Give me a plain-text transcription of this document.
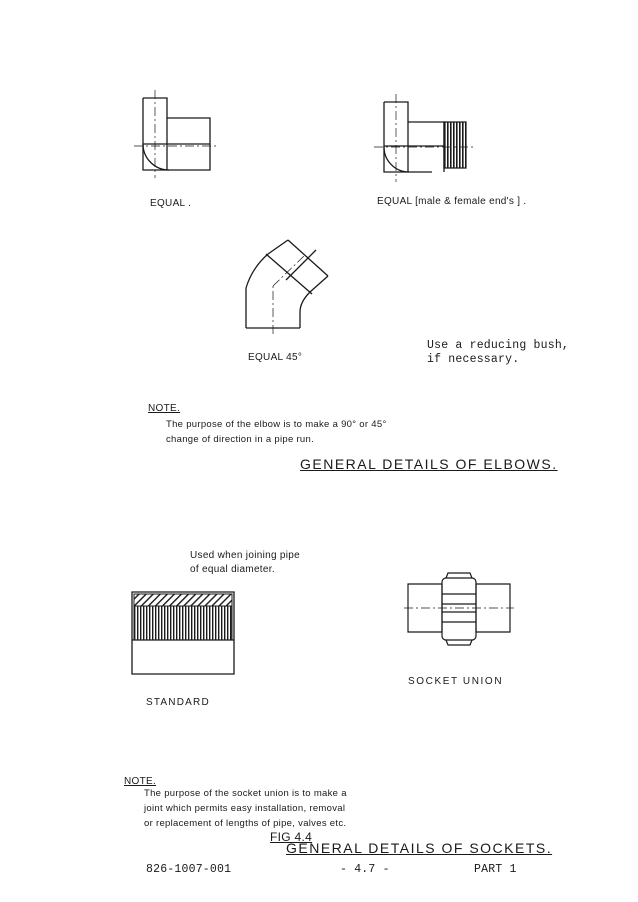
EQUAL .	EQUAL [male & female end's ] .
EQUAL 45°
Use a reducing bush,
if necessary.
NOTE.
The purpose of the elbow is to make a 90° or 45°
change of direction in a pipe run.
GENERAL DETAILS OF ELBOWS.
Used when joining pipe
of equal diameter.
SOCKET UNION
STANDARD
NOTE.
The purpose of the socket union is to make a
joint which permits easy installation, removal
or replacement of lengths of pipe, valves etc.
FIG 4.4
GENERAL DETAILS OF SOCKETS.
826-1007-001	- 4.7 -	PART 1
